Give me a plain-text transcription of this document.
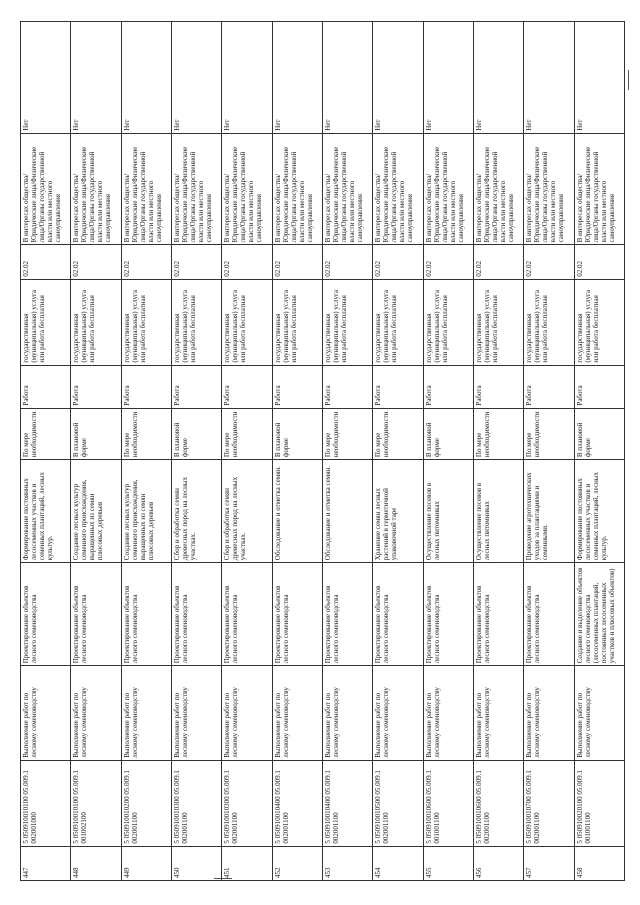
447	5 050910010100 05.009.1 002001000	Выполнение работ по лесному семеноводству	Проектирование объектов лесного семеноводства	Формирование постоянных лесосеменных участков и семенных плантаций, лесных культур.	По мере необходимости	Работа	государственная (муниципальная) услуга или работа бесплатная	02.02	В интересах общества/Юридические лица/Физические лица/Органы государственной власти или местного самоуправления	Нет
448	5 050910010100 05.009.1 001002100	Выполнение работ по лесному семеноводству	Проектирование объектов лесного семеноводства	Создание лесных культур семенного происхождения, выращенных из семян плюсовых деревьев	В плановой форме	Работа	государственная (муниципальная) услуга или работа бесплатная	02.02	В интересах общества/Юридические лица/Физические лица/Органы государственной власти или местного самоуправления	Нет
449	5 050910010200 05.009.1 002001100	Выполнение работ по лесному семеноводству	Проектирование объектов лесного семеноводства	Создание лесных культур семенного происхождения, выращенных из семян плюсовых деревьев	По мере необходимости	Работа	государственная (муниципальная) услуга или работа бесплатная	02.02	В интересах общества/Юридические лица/Физические лица/Органы государственной власти или местного самоуправления	Нет
450	5 050910010300 05.009.1 002001100	Выполнение работ по лесному семеноводству	Проектирование объектов лесного семеноводства	Сбор и обработка семян древесных пород на лесных участках.	В плановой форме	Работа	государственная (муниципальная) услуга или работа бесплатная	02.02	В интересах общества/Юридические лица/Физические лица/Органы государственной власти или местного самоуправления	Нет
451	5 050910010300 05.009.1 002001100	Выполнение работ по лесному семеноводству	Проектирование объектов лесного семеноводства	Сбор и обработка семян древесных пород на лесных участках.	По мере необходимости	Работа	государственная (муниципальная) услуга или работа бесплатная	02.02	В интересах общества/Юридические лица/Физические лица/Органы государственной власти или местного самоуправления	Нет
452	5 050910010400 05.009.1 002001100	Выполнение работ по лесному семеноводству	Проектирование объектов лесного семеноводства	Обследование и отметка семян.	В плановой форме	Работа	государственная (муниципальная) услуга или работа бесплатная	02.02	В интересах общества/Юридические лица/Физические лица/Органы государственной власти или местного самоуправления	Нет
453	5 050910010400 05.009.1 002001100	Выполнение работ по лесному семеноводству	Проектирование объектов лесного семеноводства	Обследование и отметка семян.	По мере необходимости	Работа	государственная (муниципальная) услуга или работа бесплатная	02.02	В интересах общества/Юридические лица/Физические лица/Органы государственной власти или местного самоуправления	Нет
454	5 050910010500 05.009.1 002001100	Выполнение работ по лесному семеноводству	Проектирование объектов лесного семеноводства	Хранение семян лесных растений в герметичной упаковочной таре	По мере необходимости	Работа	государственная (муниципальная) услуга или работа бесплатная	02.02	В интересах общества/Юридические лица/Физические лица/Органы государственной власти или местного самоуправления	Нет
455	5 050910010600 05.009.1 001001100	Выполнение работ по лесному семеноводству	Проектирование объектов лесного семеноводства	Осуществление посевов в лесных питомниках	В плановой форме	Работа	государственная (муниципальная) услуга или работа бесплатная	02.02	В интересах общества/Юридические лица/Физические лица/Органы государственной власти или местного самоуправления	Нет
456	5 050910010600 05.009.1 002001100	Выполнение работ по лесному семеноводству	Проектирование объектов лесного семеноводства	Осуществление посевов в лесных питомниках	По мере необходимости	Работа	государственная (муниципальная) услуга или работа бесплатная	02.02	В интересах общества/Юридические лица/Физические лица/Органы государственной власти или местного самоуправления	Нет
457	5 050910010700 05.009.1 002001100	Выполнение работ по лесному семеноводству	Проектирование объектов лесного семеноводства	Проведение агротехнических уходов за плантациями и семенными.	По мере необходимости	Работа	государственная (муниципальная) услуга или работа бесплатная	02.02	В интересах общества/Юридические лица/Физические лица/Органы государственной власти или местного самоуправления	Нет
458	5 050910020100 05.009.1 001001100	Выполнение работ по лесному семеноводству	Создание и выделение объектов лесного семеноводства (лесосеменных плантаций, постоянных лесосеменных участков и плюсовых объектов)	Формирование постоянных лесосеменных участков и семенных плантаций, лесных культур.	В плановой форме	Работа	государственная (муниципальная) услуга или работа бесплатная	02.02	В интересах общества/Юридические лица/Физические лица/Органы государственной власти или местного самоуправления	Нет
